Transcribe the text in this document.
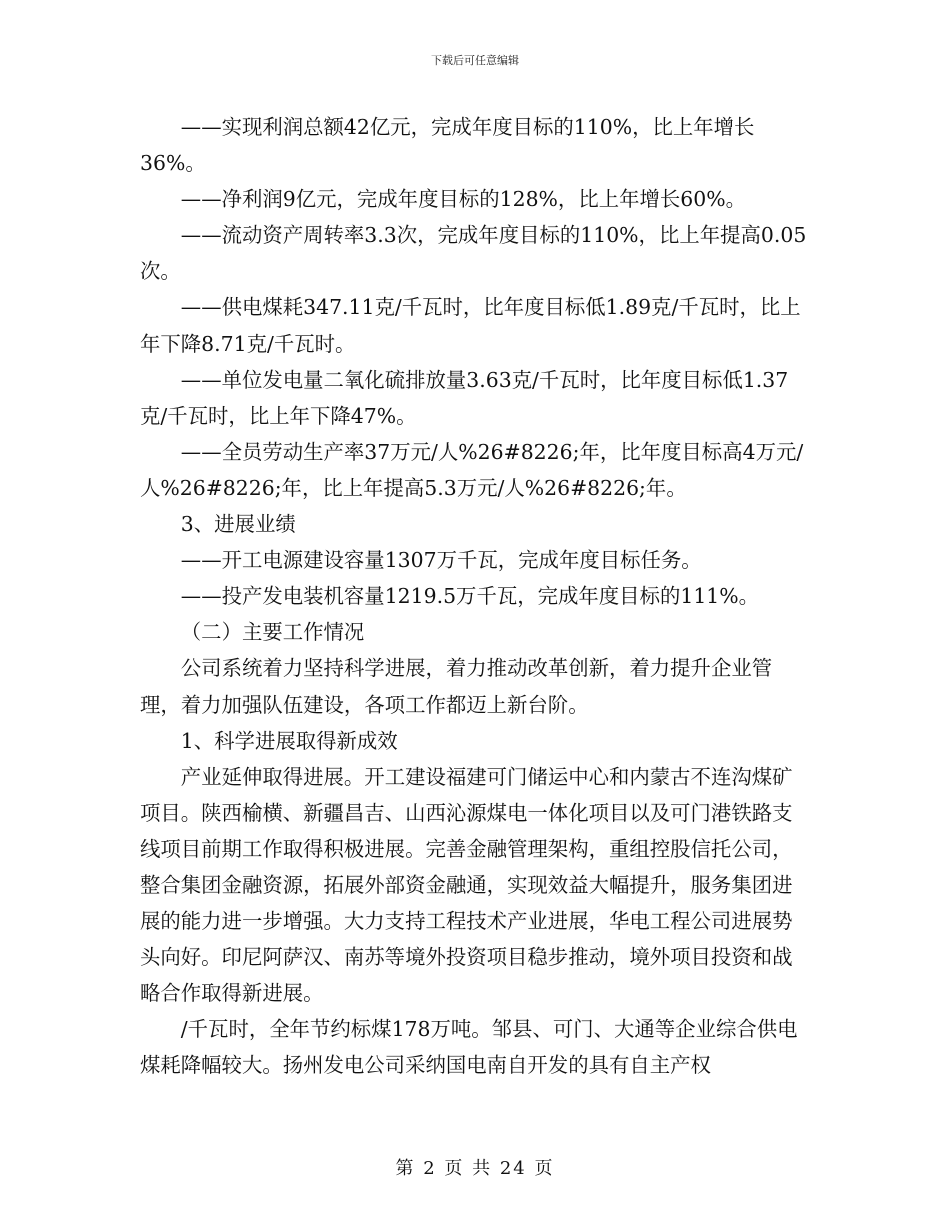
下载后可任意编辑

——实现利润总额42亿元，完成年度目标的110%，比上年增长36%。

——净利润9亿元，完成年度目标的128%，比上年增长60%。

——流动资产周转率3.3次，完成年度目标的110%，比上年提高0.05次。

——供电煤耗347.11克/千瓦时，比年度目标低1.89克/千瓦时，比上年下降8.71克/千瓦时。

——单位发电量二氧化硫排放量3.63克/千瓦时，比年度目标低1.37克/千瓦时，比上年下降47%。

——全员劳动生产率37万元/人%26#8226;年，比年度目标高4万元/人%26#8226;年，比上年提高5.3万元/人%26#8226;年。

3、进展业绩

——开工电源建设容量1307万千瓦，完成年度目标任务。

——投产发电装机容量1219.5万千瓦，完成年度目标的111%。

（二）主要工作情况

公司系统着力坚持科学进展，着力推动改革创新，着力提升企业管理，着力加强队伍建设，各项工作都迈上新台阶。

1、科学进展取得新成效

产业延伸取得进展。开工建设福建可门储运中心和内蒙古不连沟煤矿项目。陕西榆横、新疆昌吉、山西沁源煤电一体化项目以及可门港铁路支线项目前期工作取得积极进展。完善金融管理架构，重组控股信托公司，整合集团金融资源，拓展外部资金融通，实现效益大幅提升，服务集团进展的能力进一步增强。大力支持工程技术产业进展，华电工程公司进展势头向好。印尼阿萨汉、南苏等境外投资项目稳步推动，境外项目投资和战略合作取得新进展。

/千瓦时，全年节约标煤178万吨。邹县、可门、大通等企业综合供电煤耗降幅较大。扬州发电公司采纳国电南自开发的具有自主产权

第 2 页 共 24 页
